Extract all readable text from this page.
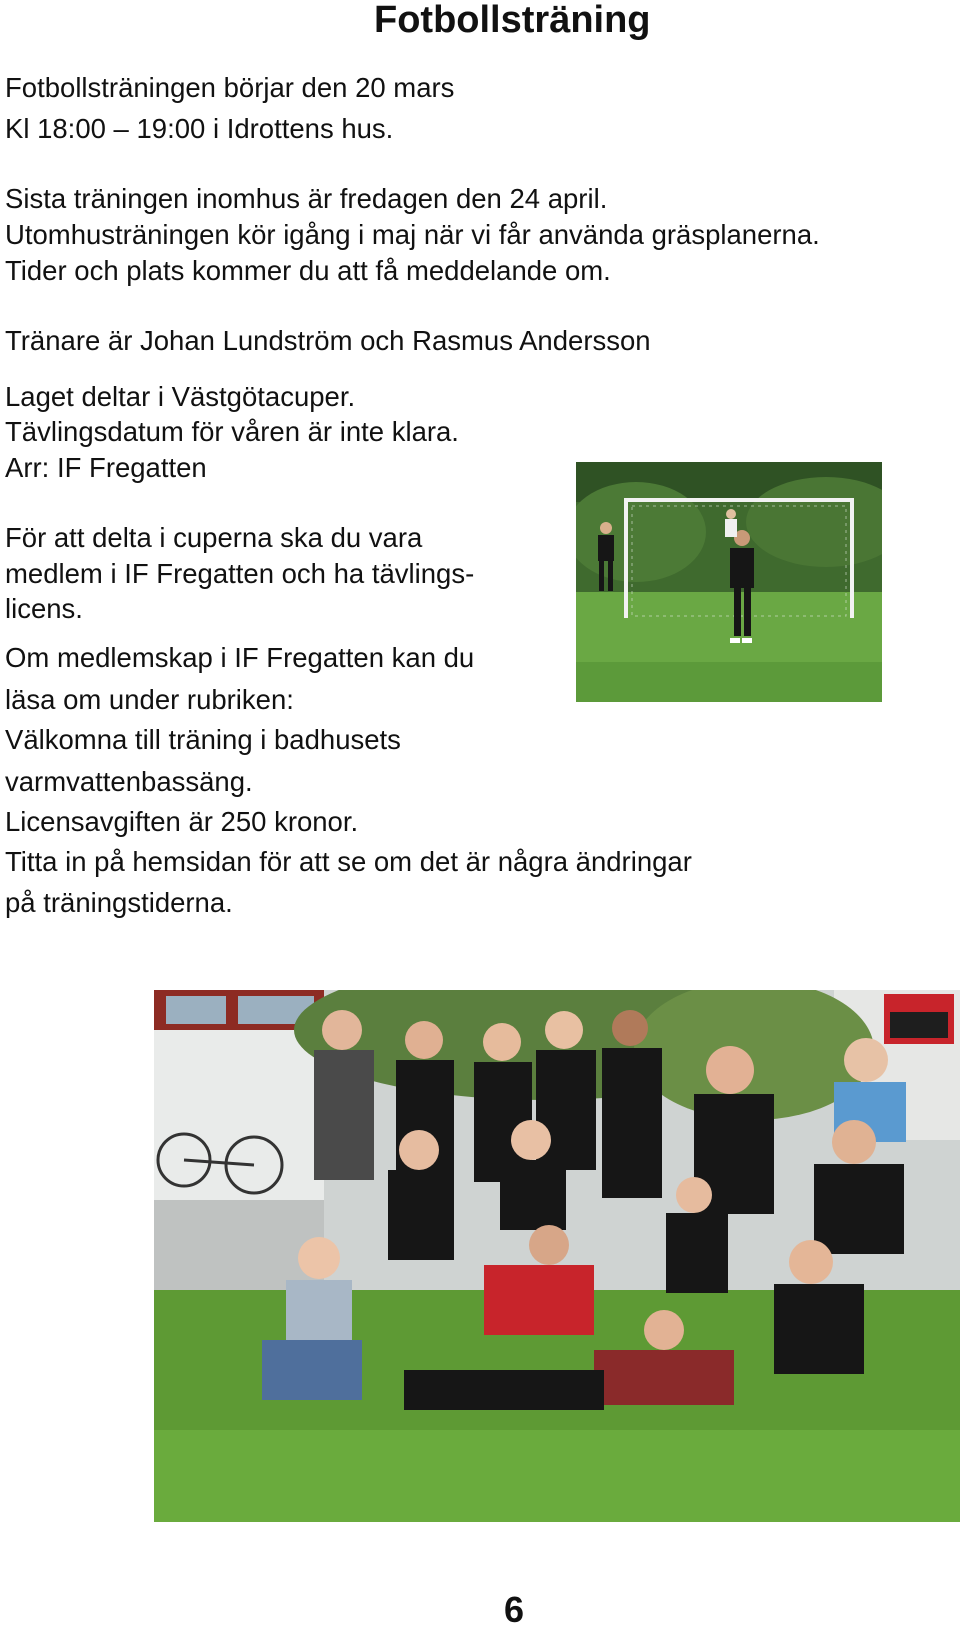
Fotbollsträning

Fotbollsträningen börjar den 20 mars

Kl 18:00 – 19:00 i Idrottens hus.

Sista träningen inomhus är fredagen den 24 april.

Utomhusträningen kör igång i maj när vi får använda gräsplanerna.

Tider och plats kommer du att få meddelande om.

Tränare är Johan Lundström och Rasmus Andersson

Laget deltar i Västgötacuper.

Tävlingsdatum för våren är inte klara.

Arr: IF Fregatten

För att delta i cuperna ska du vara

medlem i IF Fregatten och ha tävlings-

licens.

Om medlemskap i IF Fregatten kan du

läsa om under rubriken:

Välkomna till träning i badhusets

varmvattenbassäng.

Licensavgiften är 250 kronor.

Titta in på hemsidan för att se om det är några ändringar

på träningstiderna.

6
